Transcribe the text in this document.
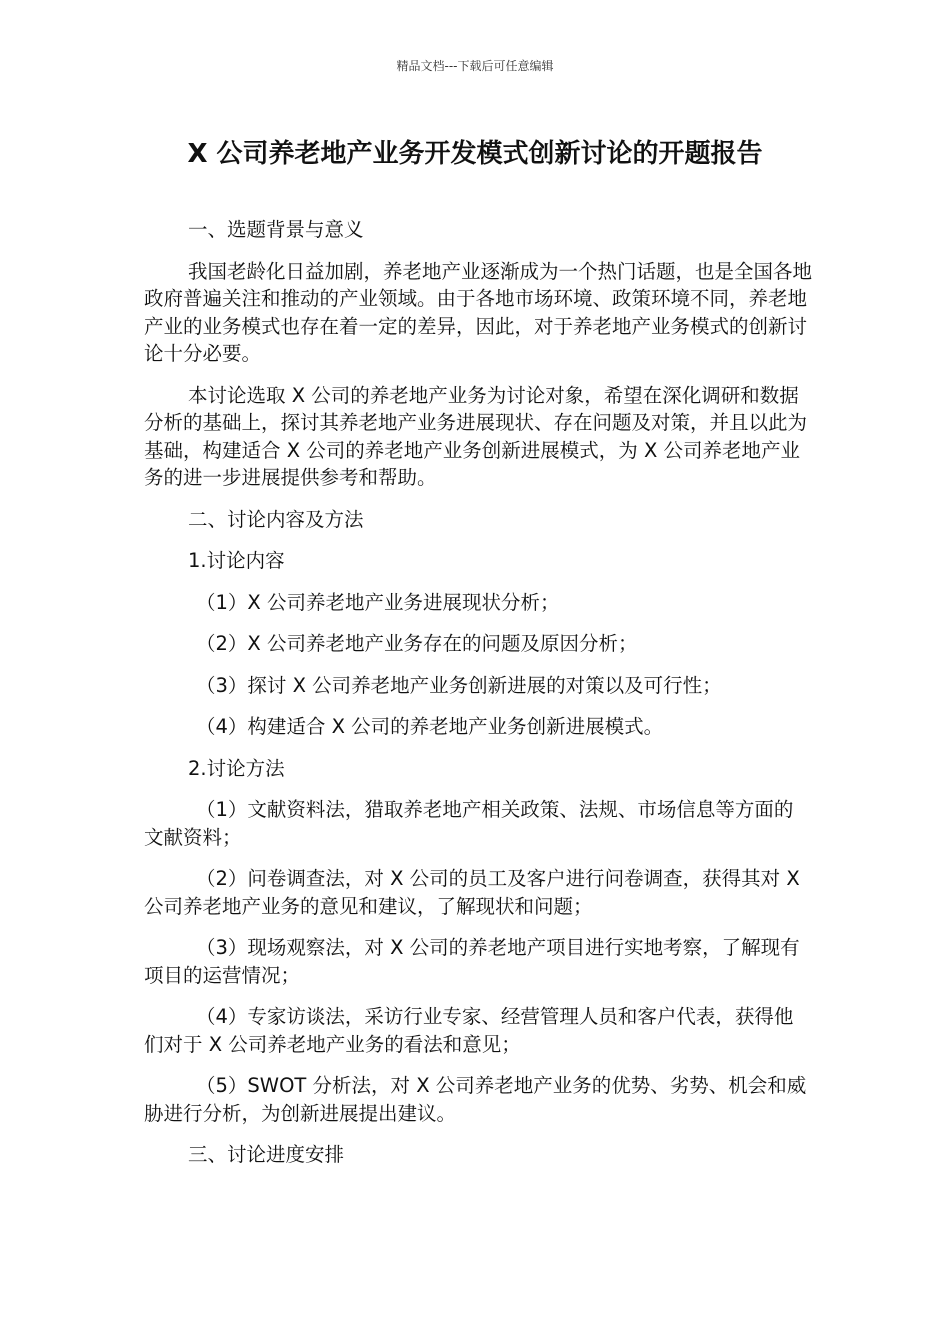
精品文档---下载后可任意编辑
X 公司养老地产业务开发模式创新讨论的开题报告

一、选题背景与意义

我国老龄化日益加剧，养老地产业逐渐成为一个热门话题，也是全国各地政府普遍关注和推动的产业领域。由于各地市场环境、政策环境不同，养老地产业的业务模式也存在着一定的差异，因此，对于养老地产业务模式的创新讨论十分必要。

本讨论选取 X 公司的养老地产业务为讨论对象，希望在深化调研和数据分析的基础上，探讨其养老地产业务进展现状、存在问题及对策，并且以此为基础，构建适合 X 公司的养老地产业务创新进展模式，为 X 公司养老地产业务的进一步进展提供参考和帮助。

二、讨论内容及方法

1.讨论内容

（1）X 公司养老地产业务进展现状分析；

（2）X 公司养老地产业务存在的问题及原因分析；

（3）探讨 X 公司养老地产业务创新进展的对策以及可行性；

（4）构建适合 X 公司的养老地产业务创新进展模式。

2.讨论方法

（1）文献资料法，猎取养老地产相关政策、法规、市场信息等方面的文献资料；

（2）问卷调查法，对 X 公司的员工及客户进行问卷调查，获得其对 X 公司养老地产业务的意见和建议，了解现状和问题；

（3）现场观察法，对 X 公司的养老地产项目进行实地考察，了解现有项目的运营情况；

（4）专家访谈法，采访行业专家、经营管理人员和客户代表，获得他们对于 X 公司养老地产业务的看法和意见；

（5）SWOT 分析法，对 X 公司养老地产业务的优势、劣势、机会和威胁进行分析，为创新进展提出建议。

三、讨论进度安排
